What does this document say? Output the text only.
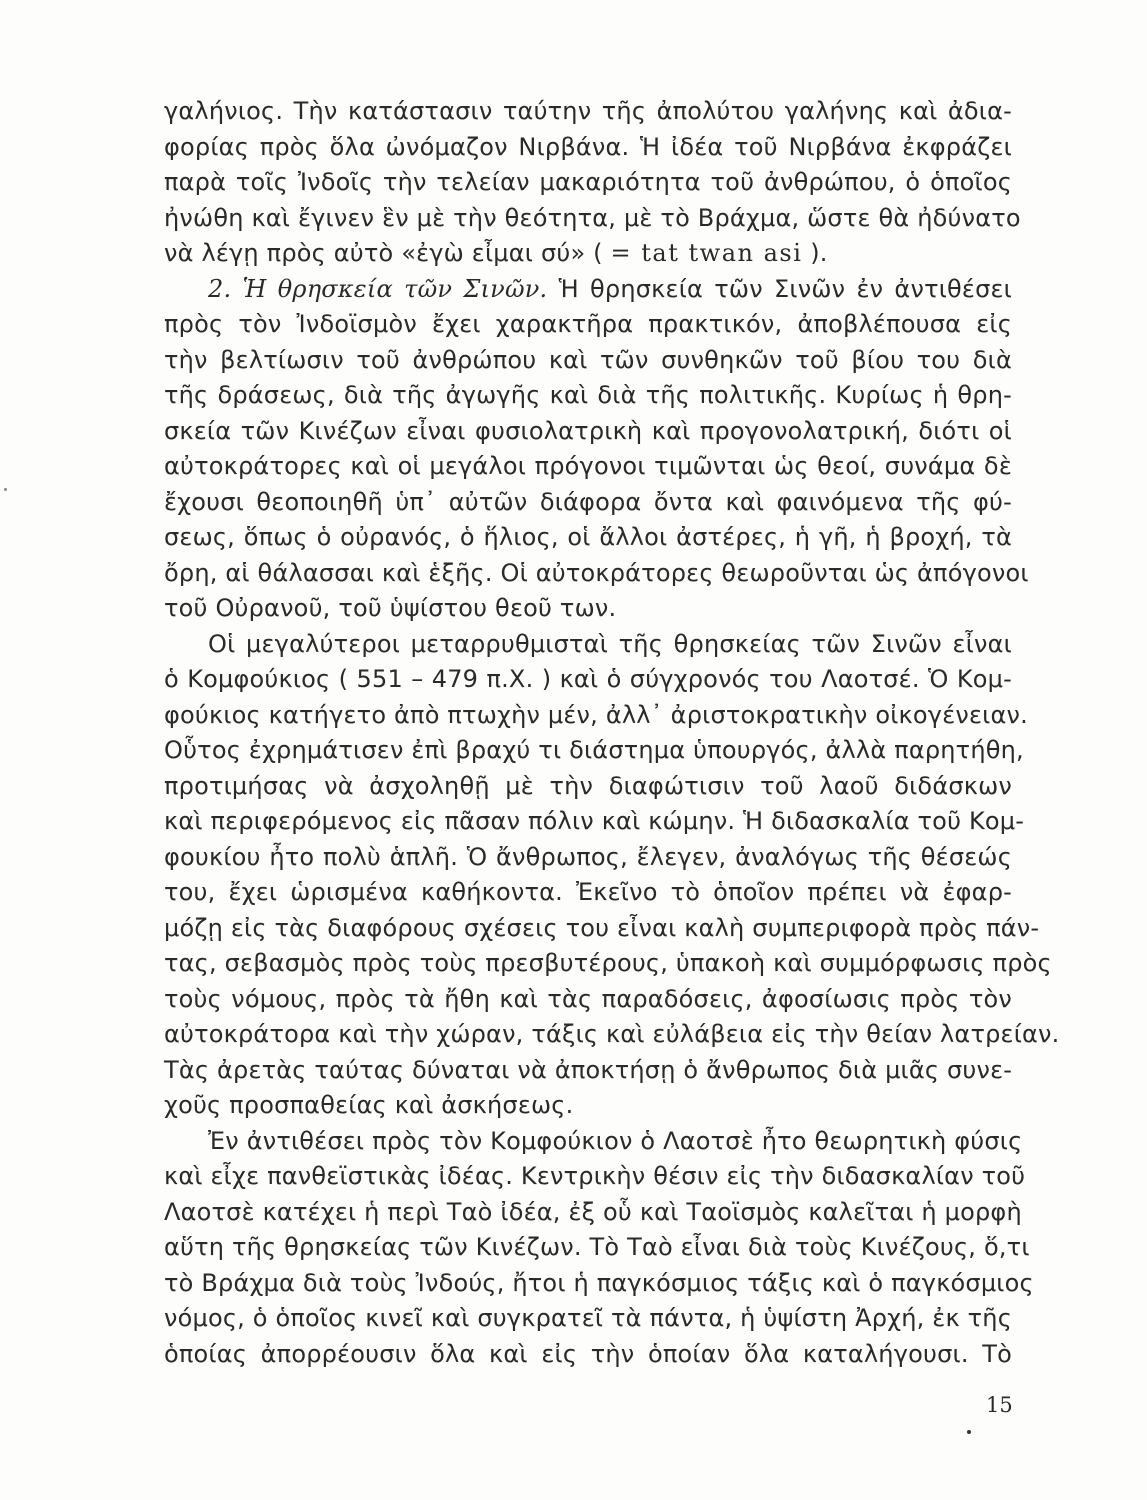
γαλήνιος. Τὴν κατάστασιν ταύτην τῆς ἀπολύτου γαλήνης καὶ ἀδια-
φορίας πρὸς ὅλα ὠνόμαζον Νιρβάνα. Ἡ ἰδέα τοῦ Νιρβάνα ἐκφράζει
παρὰ τοῖς Ἰνδοῖς τὴν τελείαν μακαριότητα τοῦ ἀνθρώπου, ὁ ὁποῖος
ἠνώθη καὶ ἔγινεν ἓν μὲ τὴν θεότητα, μὲ τὸ Βράχμα, ὥστε θὰ ἠδύνατο
νὰ λέγῃ πρὸς αὐτὸ «ἐγὼ εἶμαι σύ» ( = tat twan asi ).
2. Ἡ θρησκεία τῶν Σινῶν. Ἡ θρησκεία τῶν Σινῶν ἐν ἀντιθέσει
πρὸς τὸν Ἰνδοϊσμὸν ἔχει χαρακτῆρα πρακτικόν, ἀποβλέπουσα εἰς
τὴν βελτίωσιν τοῦ ἀνθρώπου καὶ τῶν συνθηκῶν τοῦ βίου του διὰ
τῆς δράσεως, διὰ τῆς ἀγωγῆς καὶ διὰ τῆς πολιτικῆς. Κυρίως ἡ θρη-
σκεία τῶν Κινέζων εἶναι φυσιολατρικὴ καὶ προγονολατρική, διότι οἱ
αὐτοκράτορες καὶ οἱ μεγάλοι πρόγονοι τιμῶνται ὡς θεοί, συνάμα δὲ
ἔχουσι θεοποιηθῆ ὑπ᾽ αὐτῶν διάφορα ὄντα καὶ φαινόμενα τῆς φύ-
σεως, ὅπως ὁ οὐρανός, ὁ ἥλιος, οἱ ἄλλοι ἀστέρες, ἡ γῆ, ἡ βροχή, τὰ
ὄρη, αἱ θάλασσαι καὶ ἑξῆς. Οἱ αὐτοκράτορες θεωροῦνται ὡς ἀπόγονοι
τοῦ Οὐρανοῦ, τοῦ ὑψίστου θεοῦ των.
Οἱ μεγαλύτεροι μεταρρυθμισταὶ τῆς θρησκείας τῶν Σινῶν εἶναι
ὁ Κομφούκιος ( 551 – 479 π.Χ. ) καὶ ὁ σύγχρονός του Λαοτσέ. Ὁ Κομ-
φούκιος κατήγετο ἀπὸ πτωχὴν μέν, ἀλλ᾽ ἀριστοκρατικὴν οἰκογένειαν.
Οὗτος ἐχρημάτισεν ἐπὶ βραχύ τι διάστημα ὑπουργός, ἀλλὰ παρητήθη,
προτιμήσας νὰ ἀσχοληθῇ μὲ τὴν διαφώτισιν τοῦ λαοῦ διδάσκων
καὶ περιφερόμενος εἰς πᾶσαν πόλιν καὶ κώμην. Ἡ διδασκαλία τοῦ Κομ-
φουκίου ἦτο πολὺ ἁπλῆ. Ὁ ἄνθρωπος, ἔλεγεν, ἀναλόγως τῆς θέσεώς
του, ἔχει ὡρισμένα καθήκοντα. Ἐκεῖνο τὸ ὁποῖον πρέπει νὰ ἐφαρ-
μόζῃ εἰς τὰς διαφόρους σχέσεις του εἶναι καλὴ συμπεριφορὰ πρὸς πάν-
τας, σεβασμὸς πρὸς τοὺς πρεσβυτέρους, ὑπακοὴ καὶ συμμόρφωσις πρὸς
τοὺς νόμους, πρὸς τὰ ἤθη καὶ τὰς παραδόσεις, ἀφοσίωσις πρὸς τὸν
αὐτοκράτορα καὶ τὴν χώραν, τάξις καὶ εὐλάβεια εἰς τὴν θείαν λατρείαν.
Τὰς ἀρετὰς ταύτας δύναται νὰ ἀποκτήσῃ ὁ ἄνθρωπος διὰ μιᾶς συνε-
χοῦς προσπαθείας καὶ ἀσκήσεως.
Ἐν ἀντιθέσει πρὸς τὸν Κομφούκιον ὁ Λαοτσὲ ἦτο θεωρητικὴ φύσις
καὶ εἶχε πανθεϊστικὰς ἰδέας. Κεντρικὴν θέσιν εἰς τὴν διδασκαλίαν τοῦ
Λαοτσὲ κατέχει ἡ περὶ Ταὸ ἰδέα, ἐξ οὗ καὶ Ταοϊσμὸς καλεῖται ἡ μορφὴ
αὕτη τῆς θρησκείας τῶν Κινέζων. Τὸ Ταὸ εἶναι διὰ τοὺς Κινέζους, ὅ,τι
τὸ Βράχμα διὰ τοὺς Ἰνδούς, ἤτοι ἡ παγκόσμιος τάξις καὶ ὁ παγκόσμιος
νόμος, ὁ ὁποῖος κινεῖ καὶ συγκρατεῖ τὰ πάντα, ἡ ὑψίστη Ἀρχή, ἐκ τῆς
ὁποίας ἀπορρέουσιν ὅλα καὶ εἰς τὴν ὁποίαν ὅλα καταλήγουσι. Τὸ
15
